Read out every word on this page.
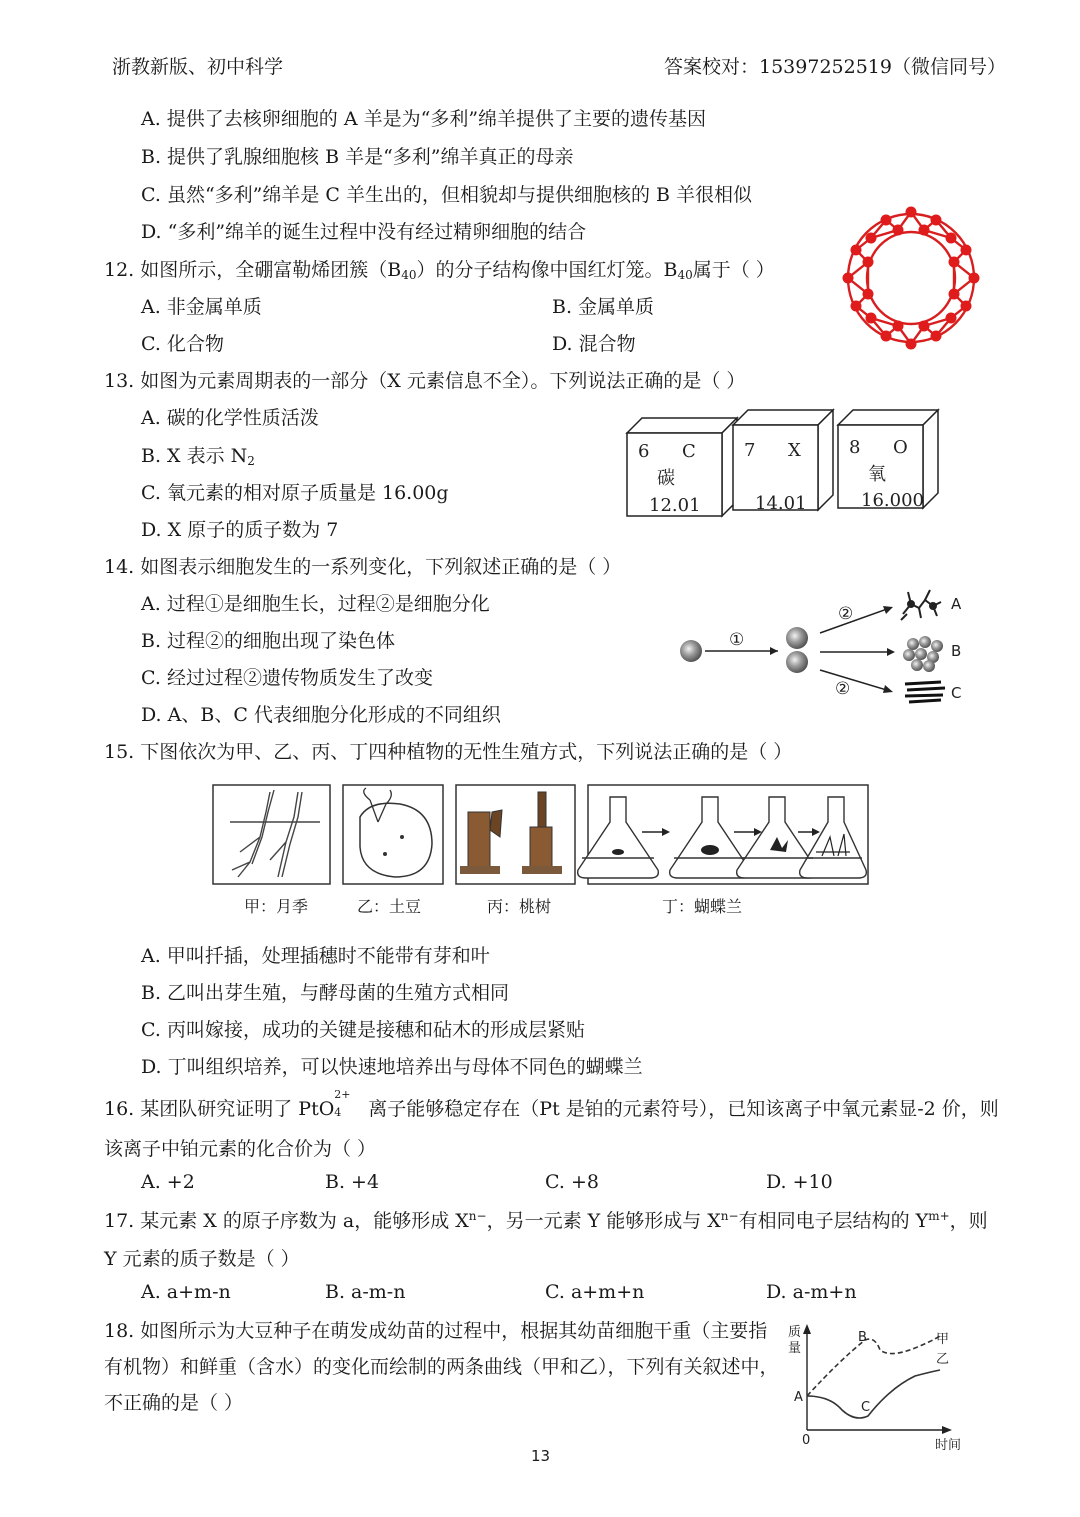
浙教新版、初中科学	答案校对：15397252519（微信同号）
A. 提供了去核卵细胞的 A 羊是为“多利”绵羊提供了主要的遗传基因
B. 提供了乳腺细胞核 B 羊是“多利”绵羊真正的母亲
C. 虽然“多利”绵羊是 C 羊生出的，但相貌却与提供细胞核的 B 羊很相似
D. “多利”绵羊的诞生过程中没有经过精卵细胞的结合
12. 如图所示，全硼富勒烯团簇$(B_{40})$的分子结构像中国红灯笼。$B_{40}$属于（ ）
A. 非金属单质	B. 金属单质
C. 化合物	D. 混合物
13. 如图为元素周期表的一部分（X 元素信息不全）。下列说法正确的是（ ）
A. 碳的化学性质活泼
B. X 表示 $N_2$
C. 氧元素的相对原子质量是 16.00g
D. X 原子的质子数为 7
6 C
碳
12.01
7 X
14.01
8 O
氧
16.000
14. 如图表示细胞发生的一系列变化，下列叙述正确的是（ ）
A. 过程①是细胞生长，过程②是细胞分化
B. 过程②的细胞出现了染色体
C. 经过过程②遗传物质发生了改变
D. A、B、C 代表细胞分化形成的不同组织
①
②
②
A
B
C
15. 下图依次为甲、乙、丙、丁四种植物的无性生殖方式，下列说法正确的是（ ）
甲：月季	乙：土豆	丙：桃树	丁：蝴蝶兰
A. 甲叫扦插，处理插穗时不能带有芽和叶
B. 乙叫出芽生殖，与酵母菌的生殖方式相同
C. 丙叫嫁接，成功的关键是接穗和砧木的形成层紧贴
D. 丁叫组织培养，可以快速地培养出与母体不同色的蝴蝶兰
16. 某团队研究证明了 PtO
2+
4 离子能够稳定存在（Pt 是铂的元素符号），已知该离子中氧元素显-2 价，则
该离子中铂元素的化合价为（ ）
A. +2	B. +4	C. +8	D. +10
17. 某元素 X 的原子序数为 a，能够形成 $X^{n-}$，另一元素 Y 能够形成与 $X^{n-}$有相同电子层结构的 $Y^{m+}$，则
Y 元素的质子数是（ ）
A. a+m-n	B. a-m-n	C. a+m+n	D. a-m+n
18. 如图所示为大豆种子在萌发成幼苗的过程中，根据其幼苗细胞干重（主要指
有机物）和鲜重（含水）的变化而绘制的两条曲线（甲和乙），下列有关叙述中，
不正确的是（ ）
质
量
0	时间
A
B
C
甲
乙
13
